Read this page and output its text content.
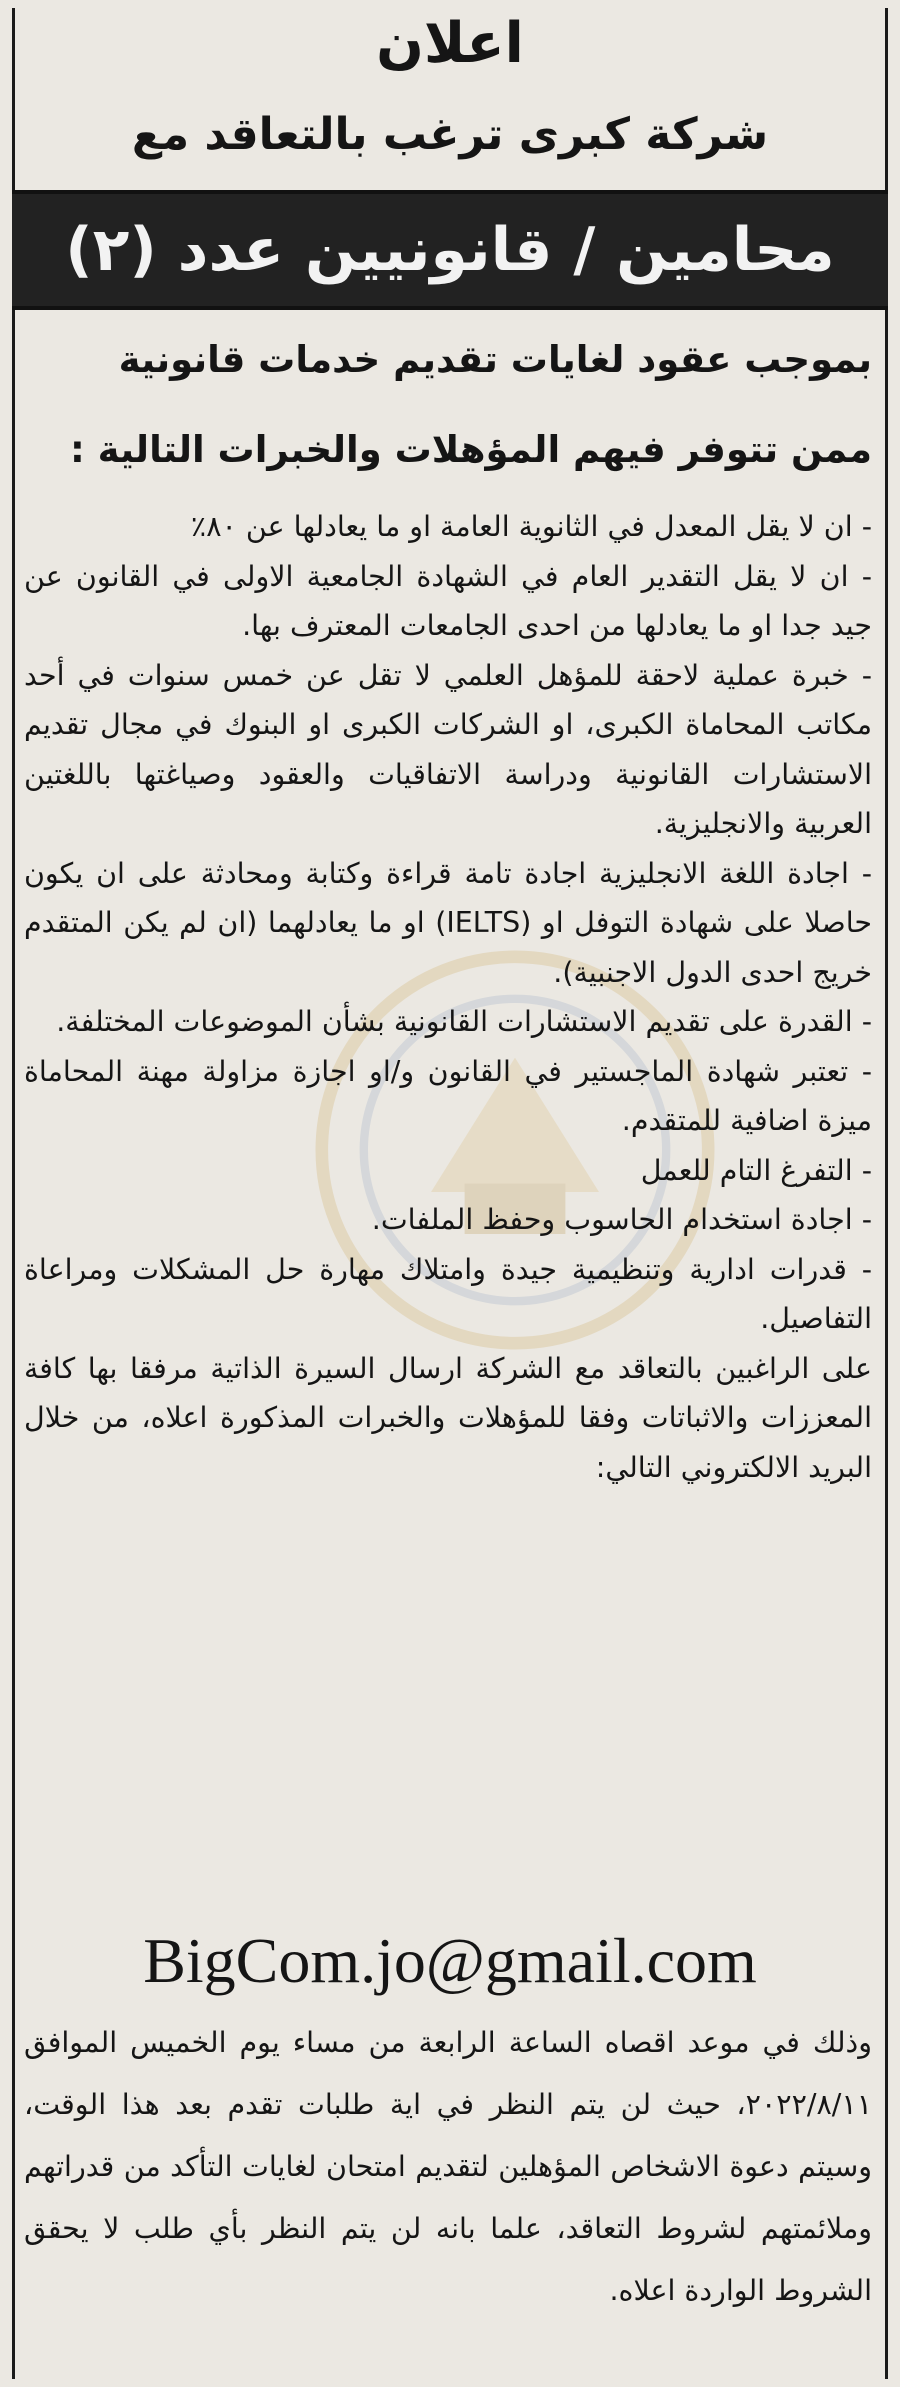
اعلان
شركة كبرى ترغب بالتعاقد مع
محامين / قانونيين عدد (٢)
بموجب عقود لغايات تقديم خدمات قانونية ممن تتوفر فيهم المؤهلات والخبرات التالية :

- ان لا يقل المعدل في الثانوية العامة او ما يعادلها عن ٨٠٪

- ان لا يقل التقدير العام في الشهادة الجامعية الاولى في القانون عن جيد جدا او ما يعادلها من احدى الجامعات المعترف بها.

- خبرة عملية لاحقة للمؤهل العلمي لا تقل عن خمس سنوات في أحد مكاتب المحاماة الكبرى، او الشركات الكبرى او البنوك في مجال تقديم الاستشارات القانونية ودراسة الاتفاقيات والعقود وصياغتها باللغتين العربية والانجليزية.

- اجادة اللغة الانجليزية اجادة تامة قراءة وكتابة ومحادثة على ان يكون حاصلا على شهادة التوفل او (IELTS) او ما يعادلهما (ان لم يكن المتقدم خريج احدى الدول الاجنبية).

- القدرة على تقديم الاستشارات القانونية بشأن الموضوعات المختلفة.

- تعتبر شهادة الماجستير في القانون و/او اجازة مزاولة مهنة المحاماة ميزة اضافية للمتقدم.

- التفرغ التام للعمل

- اجادة استخدام الحاسوب وحفظ الملفات.

- قدرات ادارية وتنظيمية جيدة وامتلاك مهارة حل المشكلات ومراعاة التفاصيل.

على الراغبين بالتعاقد مع الشركة ارسال السيرة الذاتية مرفقا بها كافة المعززات والاثباتات وفقا للمؤهلات والخبرات المذكورة اعلاه، من خلال البريد الالكتروني التالي:

BigCom.jo@gmail.com

وذلك في موعد اقصاه الساعة الرابعة من مساء يوم الخميس الموافق ٢٠٢٢/٨/١١، حيث لن يتم النظر في اية طلبات تقدم بعد هذا الوقت، وسيتم دعوة الاشخاص المؤهلين لتقديم امتحان لغايات التأكد من قدراتهم وملائمتهم لشروط التعاقد، علما بانه لن يتم النظر بأي طلب لا يحقق الشروط الواردة اعلاه.
